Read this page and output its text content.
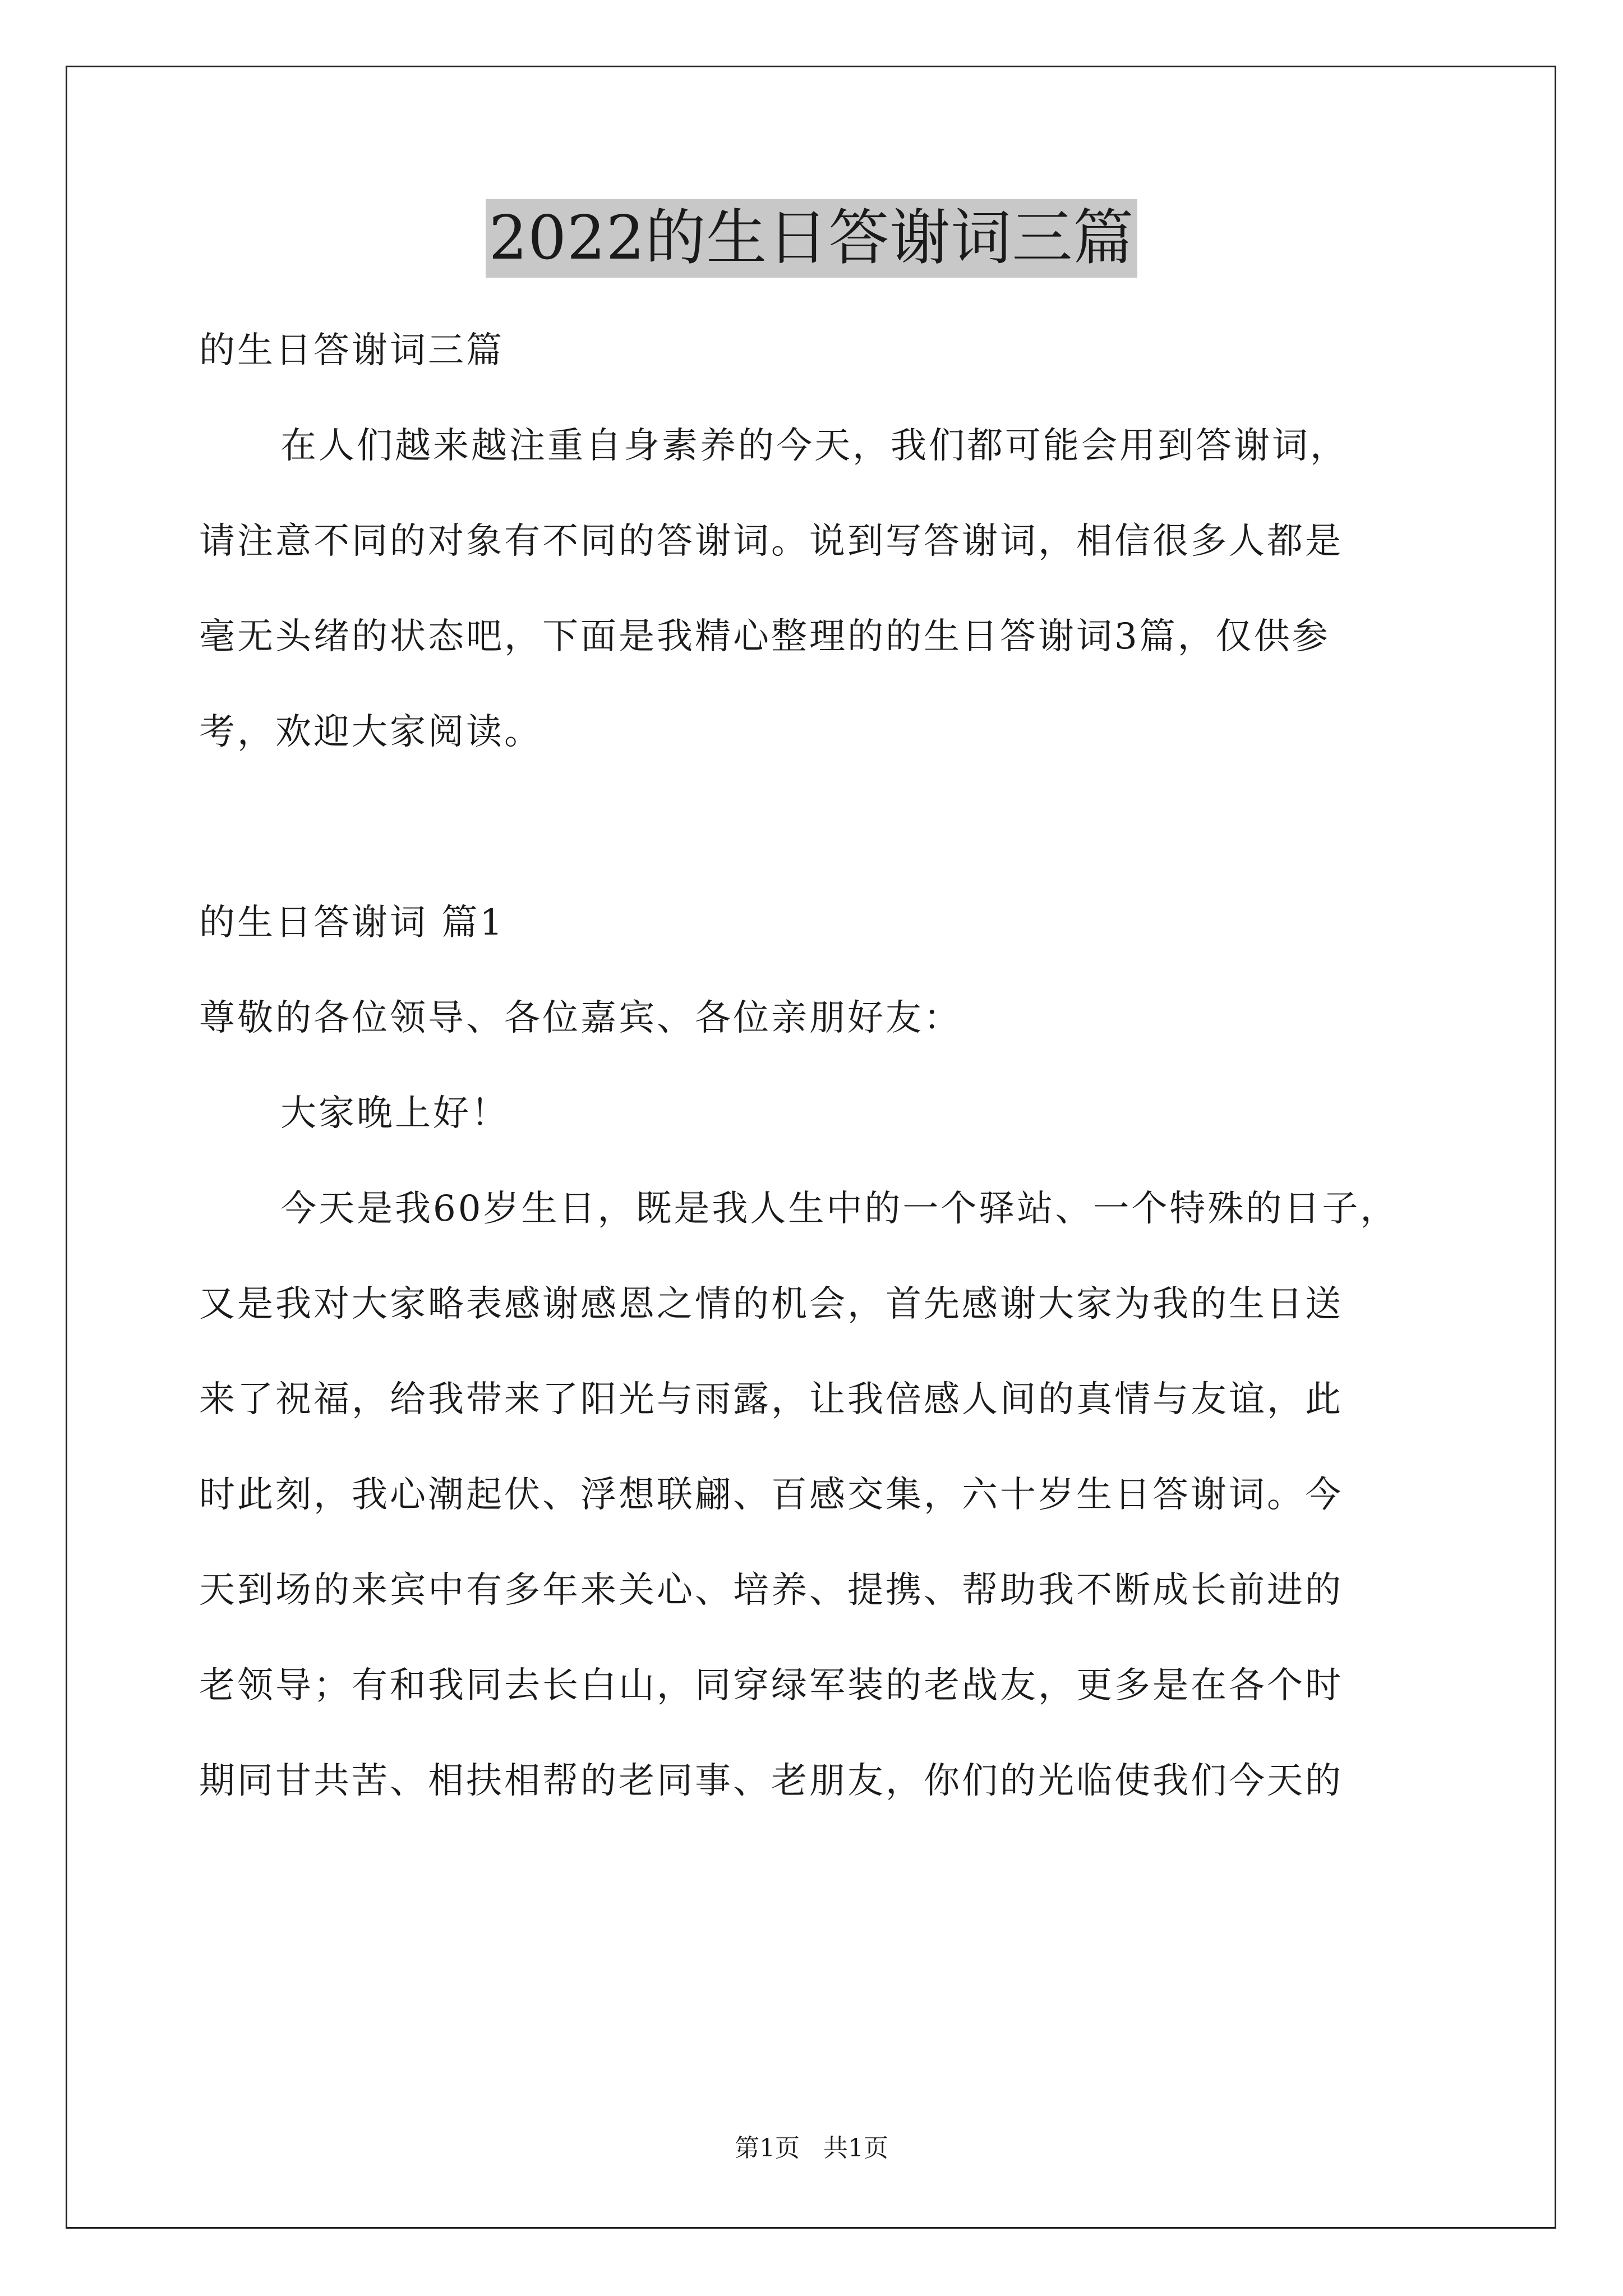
2022的生日答谢词三篇
的生日答谢词三篇
在人们越来越注重自身素养的今天，我们都可能会用到答谢词，
请注意不同的对象有不同的答谢词。说到写答谢词，相信很多人都是
毫无头绪的状态吧，下面是我精心整理的的生日答谢词3篇，仅供参
考，欢迎大家阅读。
的生日答谢词 篇1
尊敬的各位领导、各位嘉宾、各位亲朋好友：
大家晚上好！
今天是我60岁生日，既是我人生中的一个驿站、一个特殊的日子，
又是我对大家略表感谢感恩之情的机会，首先感谢大家为我的生日送
来了祝福，给我带来了阳光与雨露，让我倍感人间的真情与友谊，此
时此刻，我心潮起伏、浮想联翩、百感交集，六十岁生日答谢词。今
天到场的来宾中有多年来关心、培养、提携、帮助我不断成长前进的
老领导；有和我同去长白山，同穿绿军装的老战友，更多是在各个时
期同甘共苦、相扶相帮的老同事、老朋友，你们的光临使我们今天的
第1页 共1页
